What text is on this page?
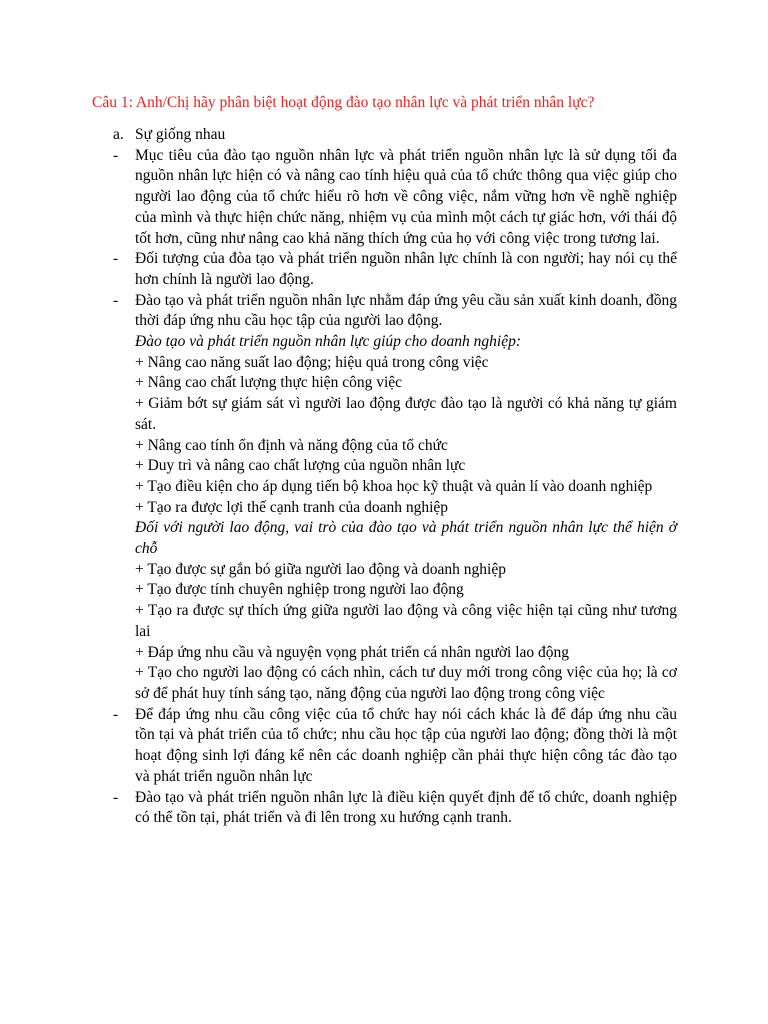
Câu 1: Anh/Chị hãy phân biệt hoạt động đào tạo nhân lực và phát triển nhân lực?
a. Sự giống nhau
- Mục tiêu của đào tạo nguồn nhân lực và phát triển nguồn nhân lực là sử dụng tối đa nguồn nhân lực hiện có và nâng cao tính hiệu quả của tổ chức thông qua việc giúp cho người lao động của tổ chức hiểu rõ hơn về công việc, nắm vững hơn về nghề nghiệp của mình và thực hiện chức năng, nhiệm vụ của mình một cách tự giác hơn, với thái độ tốt hơn, cũng như nâng cao khả năng thích ứng của họ với công việc trong tương lai.
- Đối tượng của đòa tạo và phát triển nguồn nhân lực chính là con người; hay nói cụ thể hơn chính là người lao động.
- Đào tạo và phát triển nguồn nhân lực nhằm đáp ứng yêu cầu sản xuất kinh doanh, đồng thời đáp ứng nhu cầu học tập của người lao động.
Đào tạo và phát triển nguồn nhân lực giúp cho doanh nghiệp:
+ Nâng cao năng suất lao động; hiệu quả trong công việc
+ Nâng cao chất lượng thực hiện công việc
+ Giảm bớt sự giám sát vì người lao động được đào tạo là người có khả năng tự giám sát.
+ Nâng cao tính ổn định và năng động của tổ chức
+ Duy trì và nâng cao chất lượng của nguồn nhân lực
+ Tạo điều kiện cho áp dụng tiến bộ khoa học kỹ thuật và quản lí vào doanh nghiệp
+ Tạo ra được lợi thế cạnh tranh của doanh nghiệp
Đối với người lao động, vai trò của đào tạo và phát triển nguồn nhân lực thể hiện ở chỗ
+ Tạo được sự gắn bó giữa người lao động và doanh nghiệp
+ Tạo được tính chuyên nghiệp trong người lao động
+ Tạo ra được sự thích ứng giữa người lao động và công việc hiện tại cũng như tương lai
+ Đáp ứng nhu cầu và nguyện vọng phát triển cá nhân người lao động
+ Tạo cho người lao động có cách nhìn, cách tư duy mới trong công việc của họ; là cơ sở để phát huy tính sáng tạo, năng động của người lao động trong công việc
- Để đáp ứng nhu cầu công việc của tổ chức hay nói cách khác là để đáp ứng nhu cầu tồn tại và phát triển của tổ chức; nhu cầu học tập của người lao động; đồng thời là một hoạt động sinh lợi đáng kể nên các doanh nghiệp cần phải thực hiện công tác đào tạo và phát triển nguồn nhân lực
- Đào tạo và phát triển nguồn nhân lực là điều kiện quyết định để tổ chức, doanh nghiệp có thể tồn tại, phát triển và đi lên trong xu hướng cạnh tranh.
